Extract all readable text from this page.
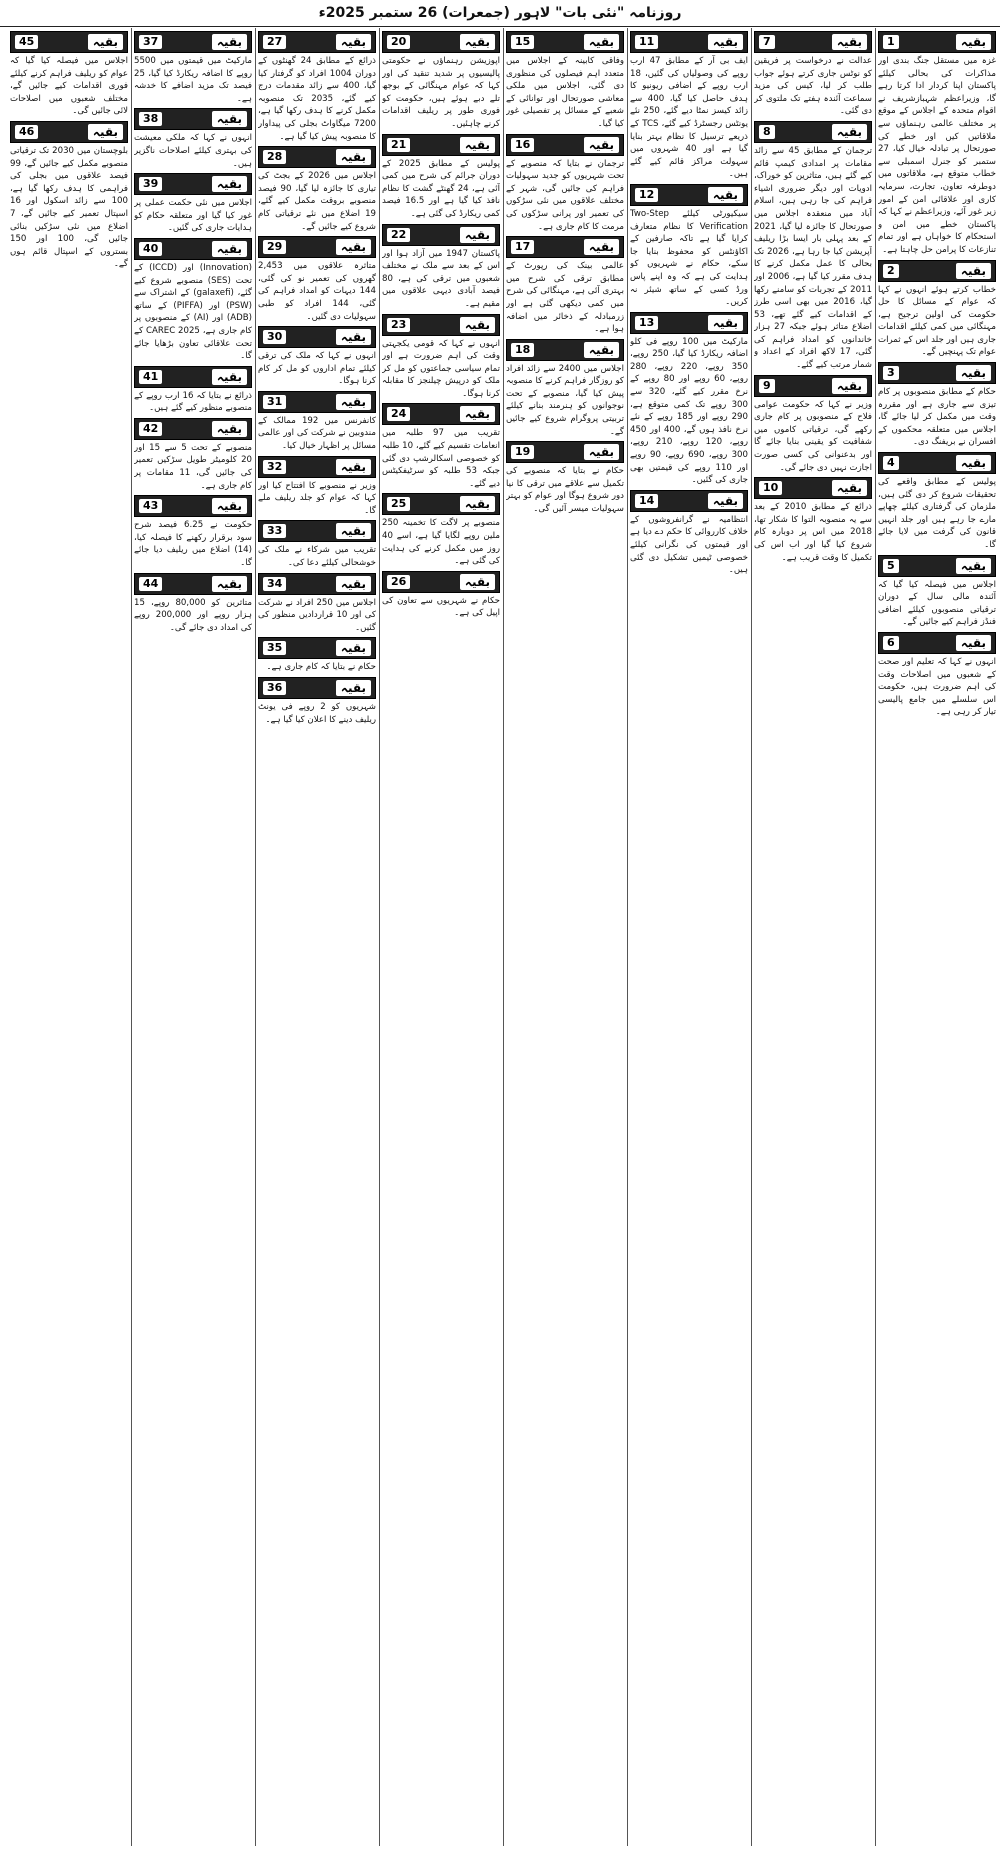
روزنامہ "نئی بات" لاہور (جمعرات) 26 ستمبر 2025ء
بقیہ
1

غزہ میں مستقل جنگ بندی اور مذاکرات کی بحالی کیلئے پاکستان اپنا کردار ادا کرتا رہے گا، وزیراعظم شہبازشریف نے اقوام متحدہ کے اجلاس کے موقع پر مختلف عالمی رہنماؤں سے ملاقاتیں کیں اور خطے کی صورتحال پر تبادلہ خیال کیا، 27 ستمبر کو جنرل اسمبلی سے خطاب متوقع ہے، ملاقاتوں میں دوطرفہ تعاون، تجارت، سرمایہ کاری اور علاقائی امن کے امور زیر غور آئے، وزیراعظم نے کہا کہ پاکستان خطے میں امن و استحکام کا خواہاں ہے اور تمام تنازعات کا پرامن حل چاہتا ہے۔

بقیہ
2

خطاب کرتے ہوئے انہوں نے کہا کہ عوام کے مسائل کا حل حکومت کی اولین ترجیح ہے، مہنگائی میں کمی کیلئے اقدامات جاری ہیں اور جلد اس کے ثمرات عوام تک پہنچیں گے۔

بقیہ
3

حکام کے مطابق منصوبوں پر کام تیزی سے جاری ہے اور مقررہ وقت میں مکمل کر لیا جائے گا، اجلاس میں متعلقہ محکموں کے افسران نے بریفنگ دی۔

بقیہ
4

پولیس کے مطابق واقعے کی تحقیقات شروع کر دی گئی ہیں، ملزمان کی گرفتاری کیلئے چھاپے مارے جا رہے ہیں اور جلد انہیں قانون کی گرفت میں لایا جائے گا۔

بقیہ
5

اجلاس میں فیصلہ کیا گیا کہ آئندہ مالی سال کے دوران ترقیاتی منصوبوں کیلئے اضافی فنڈز فراہم کیے جائیں گے۔

بقیہ
6

انہوں نے کہا کہ تعلیم اور صحت کے شعبوں میں اصلاحات وقت کی اہم ضرورت ہیں، حکومت اس سلسلے میں جامع پالیسی تیار کر رہی ہے۔

بقیہ
7

عدالت نے درخواست پر فریقین کو نوٹس جاری کرتے ہوئے جواب طلب کر لیا، کیس کی مزید سماعت آئندہ ہفتے تک ملتوی کر دی گئی۔

بقیہ
8

ترجمان کے مطابق 45 سے زائد مقامات پر امدادی کیمپ قائم کیے گئے ہیں، متاثرین کو خوراک، ادویات اور دیگر ضروری اشیاء فراہم کی جا رہی ہیں، اسلام آباد میں منعقدہ اجلاس میں صورتحال کا جائزہ لیا گیا، 2021 کے بعد پہلی بار ایسا بڑا ریلیف آپریشن کیا جا رہا ہے، 2026 تک بحالی کا عمل مکمل کرنے کا ہدف مقرر کیا گیا ہے، 2006 اور 2011 کے تجربات کو سامنے رکھا گیا، 2016 میں بھی اسی طرز کے اقدامات کیے گئے تھے، 53 اضلاع متاثر ہوئے جبکہ 27 ہزار خاندانوں کو امداد فراہم کی گئی، 17 لاکھ افراد کے اعداد و شمار مرتب کیے گئے۔

بقیہ
9

وزیر نے کہا کہ حکومت عوامی فلاح کے منصوبوں پر کام جاری رکھے گی، ترقیاتی کاموں میں شفافیت کو یقینی بنایا جائے گا اور بدعنوانی کی کسی صورت اجازت نہیں دی جائے گی۔

بقیہ
10

ذرائع کے مطابق 2010 کے بعد سے یہ منصوبہ التوا کا شکار تھا، 2018 میں اس پر دوبارہ کام شروع کیا گیا اور اب اس کی تکمیل کا وقت قریب ہے۔

بقیہ
11

ایف بی آر کے مطابق 47 ارب روپے کی وصولیاں کی گئیں، 18 ارب روپے کے اضافی ریونیو کا ہدف حاصل کیا گیا، 400 سے زائد کیسز نمٹا دیے گئے، 250 نئے یونٹس رجسٹرڈ کیے گئے، TCS کے ذریعے ترسیل کا نظام بہتر بنایا گیا ہے اور 40 شہروں میں سہولت مراکز قائم کیے گئے ہیں۔

بقیہ
12

سیکیورٹی کیلئے Two-Step Verification کا نظام متعارف کرایا گیا ہے تاکہ صارفین کے اکاؤنٹس کو محفوظ بنایا جا سکے، حکام نے شہریوں کو ہدایت کی ہے کہ وہ اپنے پاس ورڈ کسی کے ساتھ شیئر نہ کریں۔

بقیہ
13

مارکیٹ میں 100 روپے فی کلو اضافہ ریکارڈ کیا گیا، 250 روپے، 350 روپے، 220 روپے، 280 روپے، 60 روپے اور 80 روپے کے نرخ مقرر کیے گئے، 320 سے 300 روپے تک کمی متوقع ہے، 290 روپے اور 185 روپے کے نئے نرخ نافذ ہوں گے، 400 اور 450 روپے، 120 روپے، 210 روپے، 300 روپے، 690 روپے، 90 روپے اور 110 روپے کی قیمتیں بھی جاری کی گئیں۔

بقیہ
14

انتظامیہ نے گرانفروشوں کے خلاف کارروائی کا حکم دے دیا ہے اور قیمتوں کی نگرانی کیلئے خصوصی ٹیمیں تشکیل دی گئی ہیں۔

بقیہ
15

وفاقی کابینہ کے اجلاس میں متعدد اہم فیصلوں کی منظوری دی گئی، اجلاس میں ملکی معاشی صورتحال اور توانائی کے شعبے کے مسائل پر تفصیلی غور کیا گیا۔

بقیہ
16

ترجمان نے بتایا کہ منصوبے کے تحت شہریوں کو جدید سہولیات فراہم کی جائیں گی، شہر کے مختلف علاقوں میں نئی سڑکوں کی تعمیر اور پرانی سڑکوں کی مرمت کا کام جاری ہے۔

بقیہ
17

عالمی بینک کی رپورٹ کے مطابق ترقی کی شرح میں بہتری آئی ہے، مہنگائی کی شرح میں کمی دیکھی گئی ہے اور زرمبادلہ کے ذخائر میں اضافہ ہوا ہے۔

بقیہ
18

اجلاس میں 2400 سے زائد افراد کو روزگار فراہم کرنے کا منصوبہ پیش کیا گیا، منصوبے کے تحت نوجوانوں کو ہنرمند بنانے کیلئے تربیتی پروگرام شروع کیے جائیں گے۔

بقیہ
19

حکام نے بتایا کہ منصوبے کی تکمیل سے علاقے میں ترقی کا نیا دور شروع ہوگا اور عوام کو بہتر سہولیات میسر آئیں گی۔

بقیہ
20

اپوزیشن رہنماؤں نے حکومتی پالیسیوں پر شدید تنقید کی اور کہا کہ عوام مہنگائی کے بوجھ تلے دبے ہوئے ہیں، حکومت کو فوری طور پر ریلیف اقدامات کرنے چاہئیں۔

بقیہ
21

پولیس کے مطابق 2025 کے دوران جرائم کی شرح میں کمی آئی ہے، 24 گھنٹے گشت کا نظام نافذ کیا گیا ہے اور 16.5 فیصد کمی ریکارڈ کی گئی ہے۔

بقیہ
22

پاکستان 1947 میں آزاد ہوا اور اس کے بعد سے ملک نے مختلف شعبوں میں ترقی کی ہے، 80 فیصد آبادی دیہی علاقوں میں مقیم ہے۔

بقیہ
23

انہوں نے کہا کہ قومی یکجہتی وقت کی اہم ضرورت ہے اور تمام سیاسی جماعتوں کو مل کر ملک کو درپیش چیلنجز کا مقابلہ کرنا ہوگا۔

بقیہ
24

تقریب میں 97 طلبہ میں انعامات تقسیم کیے گئے، 10 طلبہ کو خصوصی اسکالرشپ دی گئی جبکہ 53 طلبہ کو سرٹیفکیٹس دیے گئے۔

بقیہ
25

منصوبے پر لاگت کا تخمینہ 250 ملین روپے لگایا گیا ہے، اسے 40 روز میں مکمل کرنے کی ہدایت کی گئی ہے۔

بقیہ
26

حکام نے شہریوں سے تعاون کی اپیل کی ہے۔

بقیہ
27

ذرائع کے مطابق 24 گھنٹوں کے دوران 1004 افراد کو گرفتار کیا گیا، 400 سے زائد مقدمات درج کیے گئے، 2035 تک منصوبہ مکمل کرنے کا ہدف رکھا گیا ہے، 7200 میگاواٹ بجلی کی پیداوار کا منصوبہ پیش کیا گیا ہے۔

بقیہ
28

اجلاس میں 2026 کے بجٹ کی تیاری کا جائزہ لیا گیا، 90 فیصد منصوبے بروقت مکمل کیے گئے، 19 اضلاع میں نئے ترقیاتی کام شروع کیے جائیں گے۔

بقیہ
29

متاثرہ علاقوں میں 2,453 گھروں کی تعمیر نو کی گئی، 144 دیہات کو امداد فراہم کی گئی، 144 افراد کو طبی سہولیات دی گئیں۔

بقیہ
30

انہوں نے کہا کہ ملک کی ترقی کیلئے تمام اداروں کو مل کر کام کرنا ہوگا۔

بقیہ
31

کانفرنس میں 192 ممالک کے مندوبین نے شرکت کی اور عالمی مسائل پر اظہار خیال کیا۔

بقیہ
32

وزیر نے منصوبے کا افتتاح کیا اور کہا کہ عوام کو جلد ریلیف ملے گا۔

بقیہ
33

تقریب میں شرکاء نے ملک کی خوشحالی کیلئے دعا کی۔

بقیہ
34

اجلاس میں 250 افراد نے شرکت کی اور 10 قراردادیں منظور کی گئیں۔

بقیہ
35

حکام نے بتایا کہ کام جاری ہے۔

بقیہ
36

شہریوں کو 2 روپے فی یونٹ ریلیف دینے کا اعلان کیا گیا ہے۔

بقیہ
37

مارکیٹ میں قیمتوں میں 5500 روپے کا اضافہ ریکارڈ کیا گیا، 25 فیصد تک مزید اضافے کا خدشہ ہے۔

بقیہ
38

انہوں نے کہا کہ ملکی معیشت کی بہتری کیلئے اصلاحات ناگزیر ہیں۔

بقیہ
39

اجلاس میں نئی حکمت عملی پر غور کیا گیا اور متعلقہ حکام کو ہدایات جاری کی گئیں۔

بقیہ
40

(Innovation) اور (ICCD) کے تحت (SES) منصوبے شروع کیے گئے، (galaxefi) کے اشتراک سے (PSW) اور (PIFFA) کے ساتھ (ADB) اور (AI) کے منصوبوں پر کام جاری ہے، CAREC 2025 کے تحت علاقائی تعاون بڑھایا جائے گا۔

بقیہ
41

ذرائع نے بتایا کہ 16 ارب روپے کے منصوبے منظور کیے گئے ہیں۔

بقیہ
42

منصوبے کے تحت 5 سے 15 اور 20 کلومیٹر طویل سڑکیں تعمیر کی جائیں گی، 11 مقامات پر کام جاری ہے۔

بقیہ
43

حکومت نے 6.25 فیصد شرح سود برقرار رکھنے کا فیصلہ کیا، (14) اضلاع میں ریلیف دیا جائے گا۔

بقیہ
44

متاثرین کو 80,000 روپے، 15 ہزار روپے اور 200,000 روپے کی امداد دی جائے گی۔

بقیہ
45

اجلاس میں فیصلہ کیا گیا کہ عوام کو ریلیف فراہم کرنے کیلئے فوری اقدامات کیے جائیں گے، مختلف شعبوں میں اصلاحات لائی جائیں گی۔

بقیہ
46

بلوچستان میں 2030 تک ترقیاتی منصوبے مکمل کیے جائیں گے، 99 فیصد علاقوں میں بجلی کی فراہمی کا ہدف رکھا گیا ہے، 100 سے زائد اسکول اور 16 اسپتال تعمیر کیے جائیں گے، 7 اضلاع میں نئی سڑکیں بنائی جائیں گی، 100 اور 150 بستروں کے اسپتال قائم ہوں گے۔
